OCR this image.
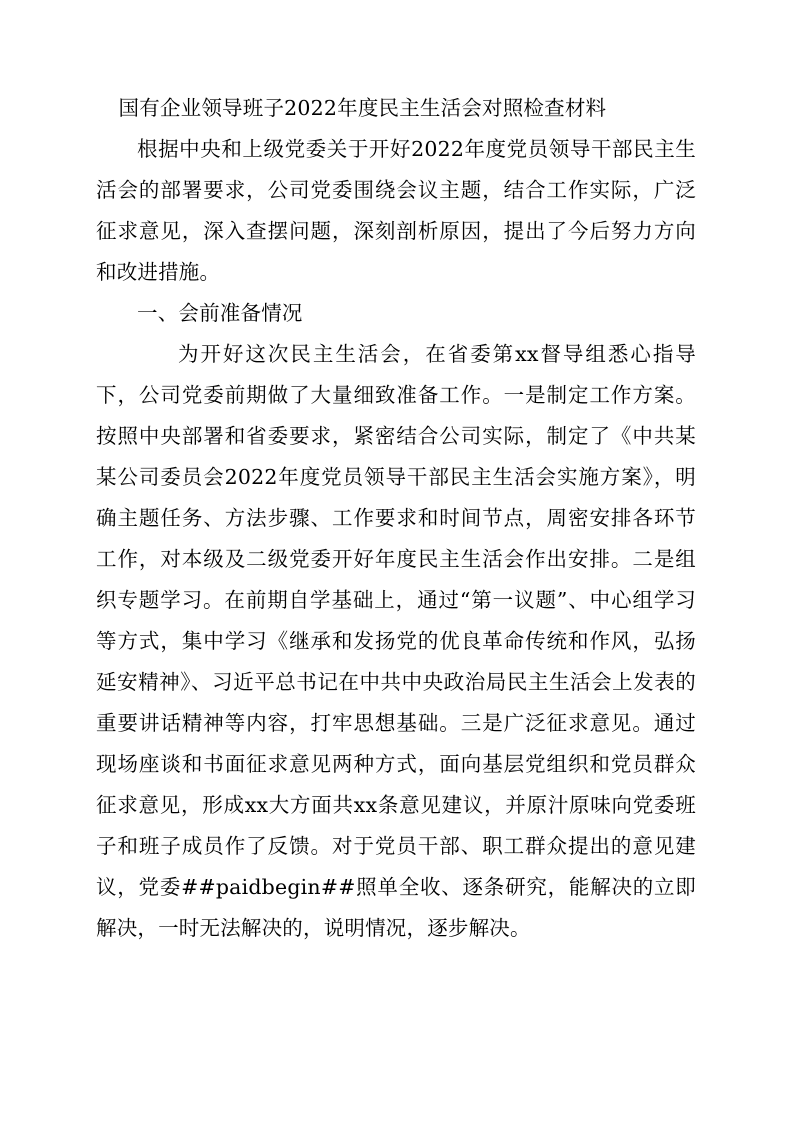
国有企业领导班子2022年度民主生活会对照检查材料

根据中央和上级党委关于开好2022年度党员领导干部民主生活会的部署要求，公司党委围绕会议主题，结合工作实际，广泛征求意见，深入查摆问题，深刻剖析原因，提出了今后努力方向和改进措施。

一、会前准备情况

为开好这次民主生活会，在省委第xx督导组悉心指导下，公司党委前期做了大量细致准备工作。一是制定工作方案。按照中央部署和省委要求，紧密结合公司实际，制定了《中共某某公司委员会2022年度党员领导干部民主生活会实施方案》，明确主题任务、方法步骤、工作要求和时间节点，周密安排各环节工作，对本级及二级党委开好年度民主生活会作出安排。二是组织专题学习。在前期自学基础上，通过“第一议题”、中心组学习等方式，集中学习《继承和发扬党的优良革命传统和作风，弘扬延安精神》、习近平总书记在中共中央政治局民主生活会上发表的重要讲话精神等内容，打牢思想基础。三是广泛征求意见。通过现场座谈和书面征求意见两种方式，面向基层党组织和党员群众征求意见，形成xx大方面共xx条意见建议，并原汁原味向党委班子和班子成员作了反馈。对于党员干部、职工群众提出的意见建议，党委##paidbegin##照单全收、逐条研究，能解决的立即解决，一时无法解决的，说明情况，逐步解决。
